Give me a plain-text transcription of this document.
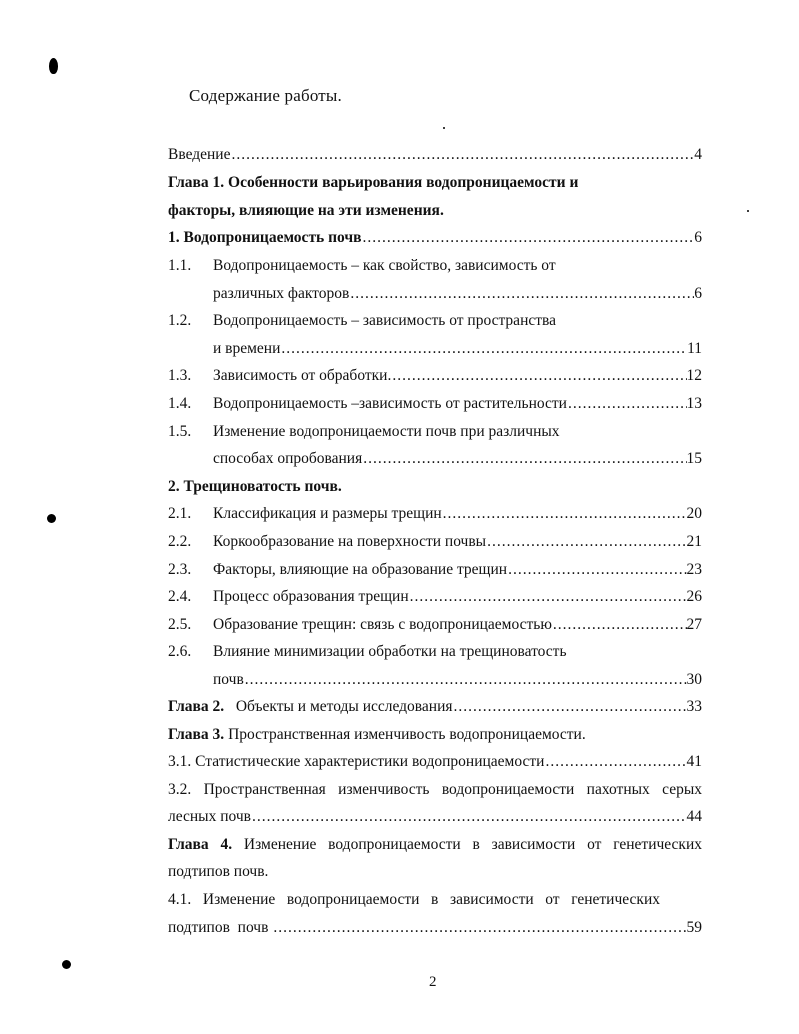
Содержание работы.
Введение .....	4
Глава 1. Особенности варьирования водопроницаемости и
факторы, влияющие на эти изменения.
1. Водопроницаемость почв .....	6
1.1. Водопроницаемость – как свойство, зависимость от
различных факторов .....	6
1.2. Водопроницаемость – зависимость от пространства
и времени .....	11
1.3. Зависимость от обработки. .....	12
1.4. Водопроницаемость –зависимость от растительности .....	13
1.5. Изменение водопроницаемости почв при различных
способах опробования .....	15
2. Трещиноватость почв.
2.1. Классификация и размеры трещин .....	20
2.2. Коркообразование на поверхности почвы .....	21
2.3. Факторы, влияющие на образование трещин .....	23
2.4. Процесс образования трещин .....	26
2.5. Образование трещин: связь с водопроницаемостью .....	27
2.6. Влияние минимизации обработки на трещиноватость
почв .....	30
Глава 2. Объекты и методы исследования .....	33
Глава 3. Пространственная изменчивость водопроницаемости.
3.1. Статистические характеристики водопроницаемости .....	41
3.2. Пространственная изменчивость водопроницаемости пахотных серых
лесных почв .....	44
Глава 4. Изменение водопроницаемости в зависимости от генетических
подтипов почв.
4.1. Изменение водопроницаемости в зависимости от генетических
подтипов  почв .....	59
2
